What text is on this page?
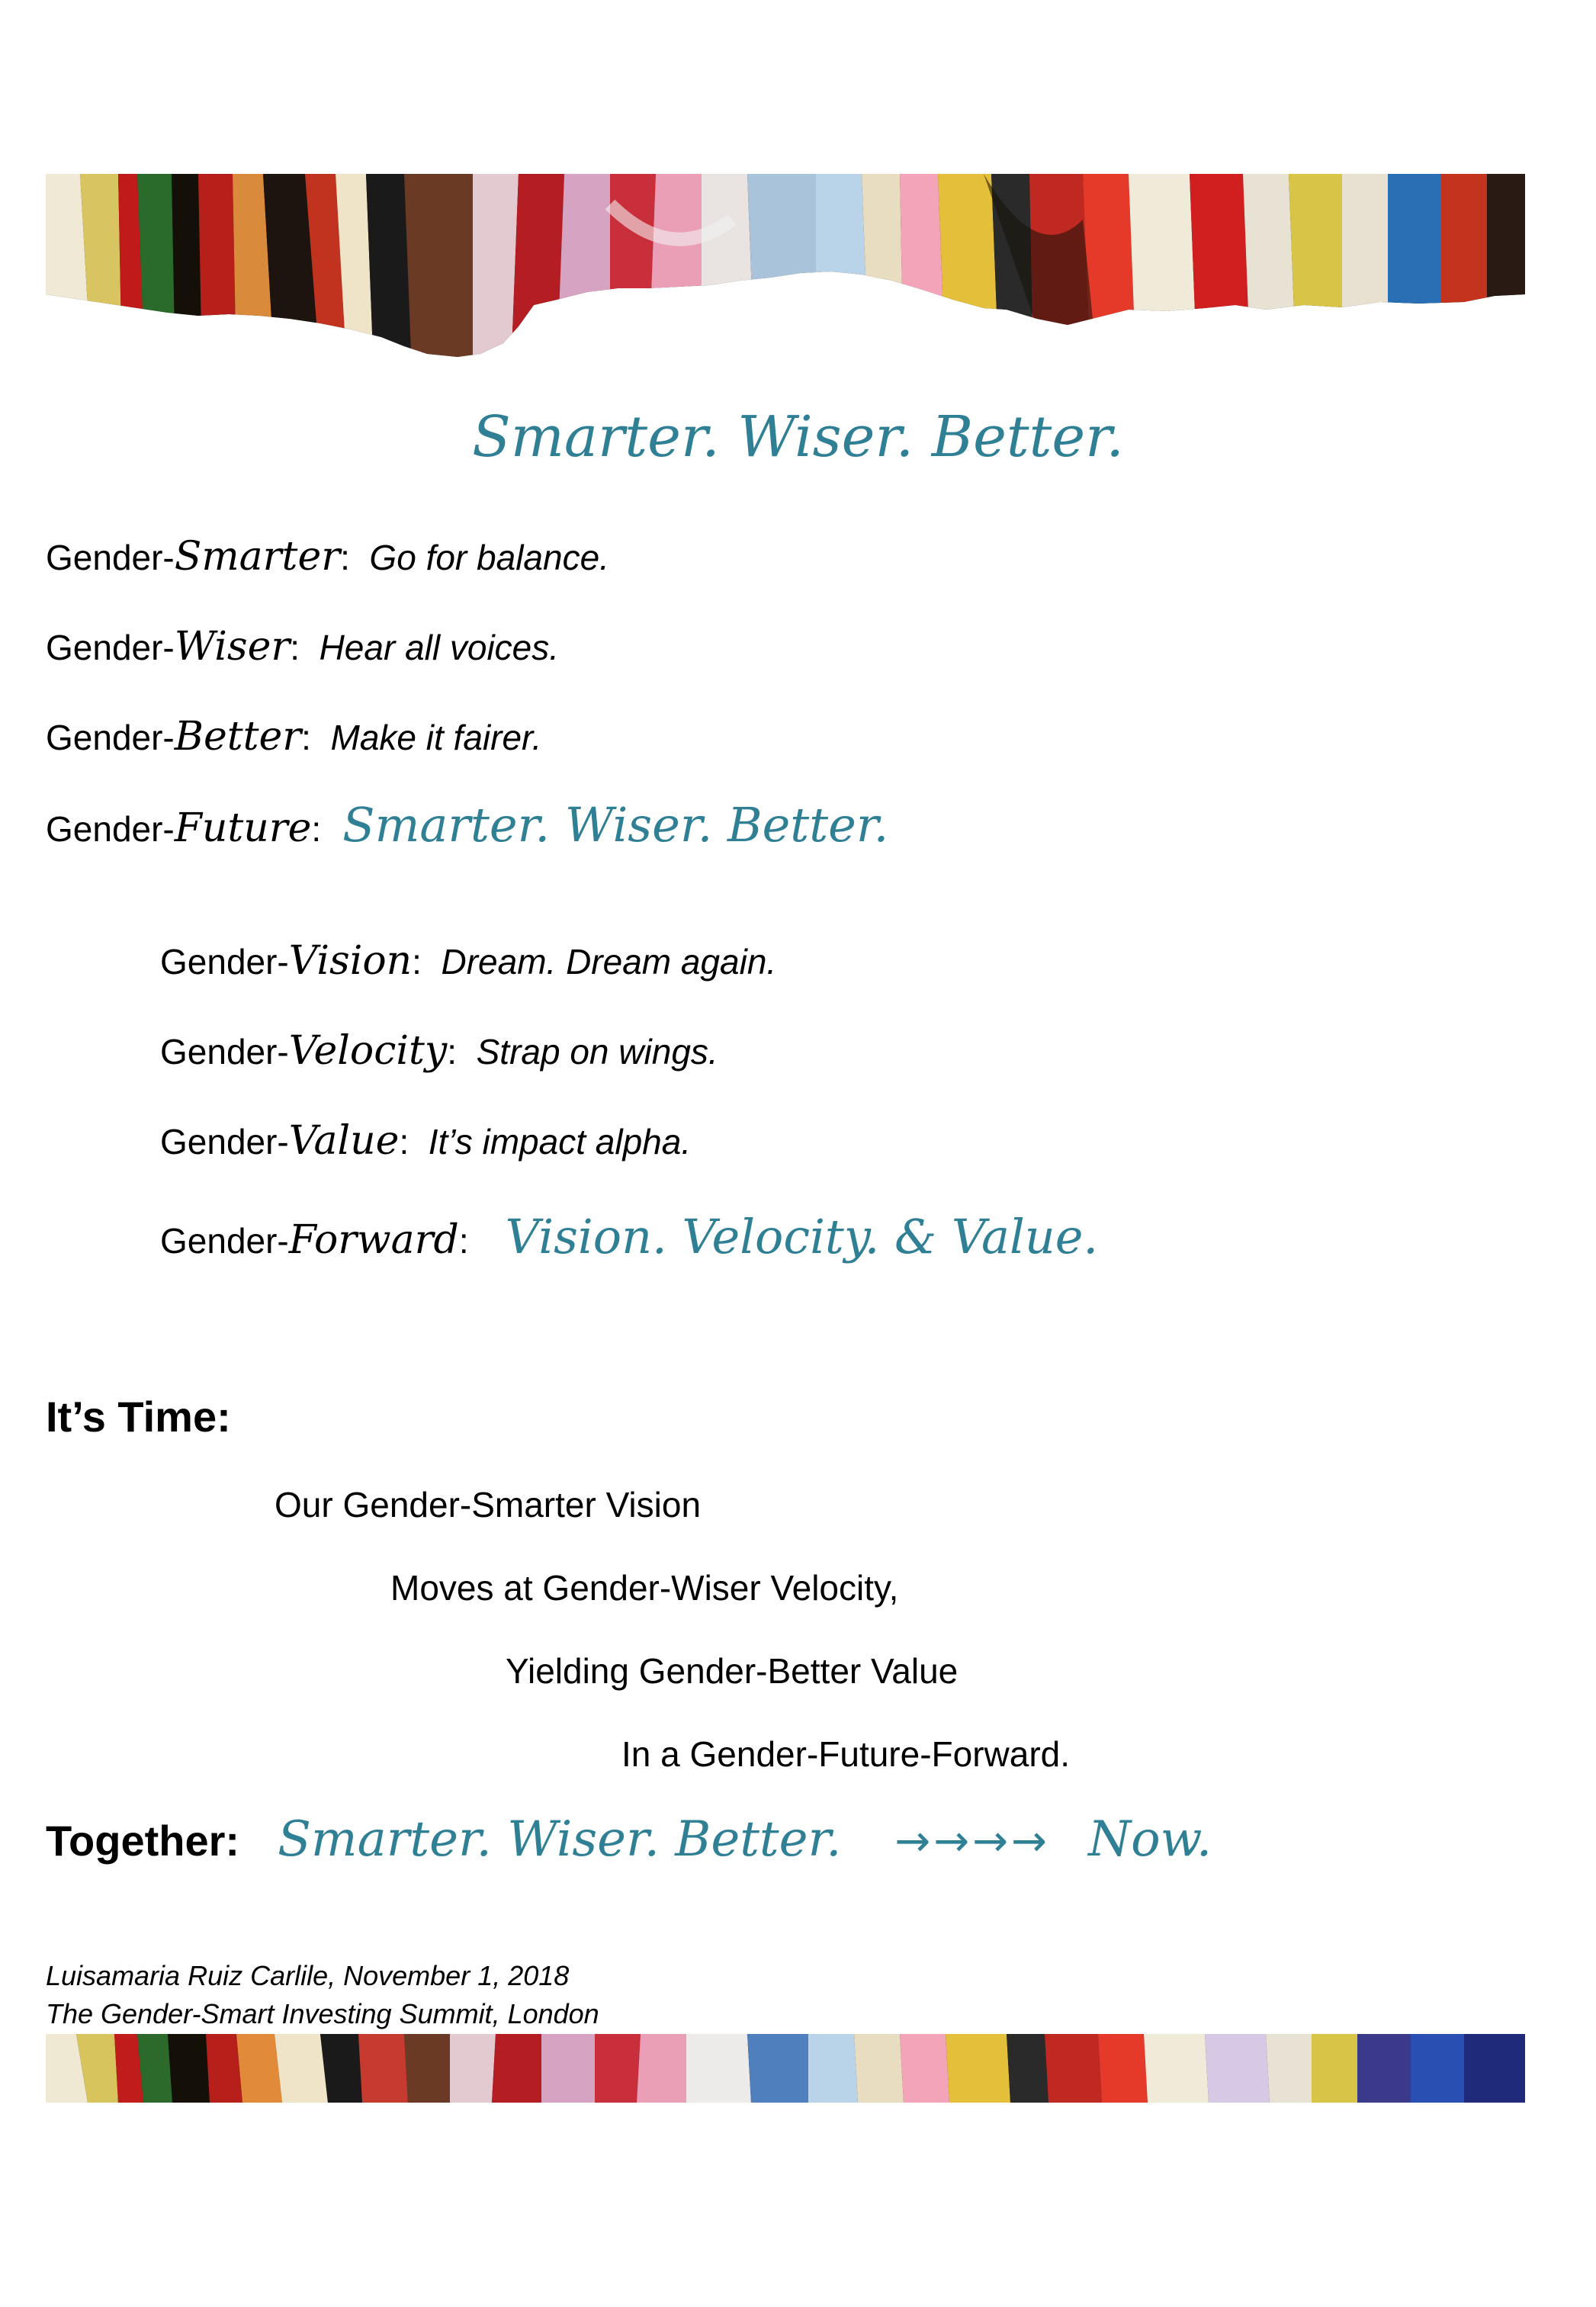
Smarter. Wiser. Better.
Gender-Smarter: Go for balance.
Gender-Wiser: Hear all voices.
Gender-Better: Make it fairer.
Gender-Future: Smarter. Wiser. Better.
Gender-Vision: Dream. Dream again.
Gender-Velocity: Strap on wings.
Gender-Value: It’s impact alpha.
Gender-Forward: Vision. Velocity. & Value.
It’s Time:
Our Gender-Smarter Vision
Moves at Gender-Wiser Velocity,
Yielding Gender-Better Value
In a Gender-Future-Forward.
Together: Smarter. Wiser. Better. →→→→ Now.
Luisamaria Ruiz Carlile, November 1, 2018
The Gender-Smart Investing Summit, London
